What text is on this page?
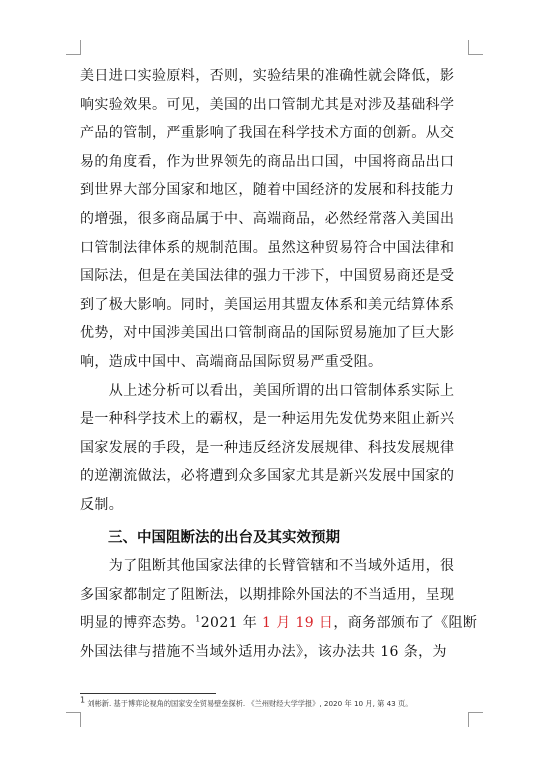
美日进口实验原料，否则，实验结果的准确性就会降低，影
响实验效果。可见，美国的出口管制尤其是对涉及基础科学
产品的管制，严重影响了我国在科学技术方面的创新。从交
易的角度看，作为世界领先的商品出口国，中国将商品出口
到世界大部分国家和地区，随着中国经济的发展和科技能力
的增强，很多商品属于中、高端商品，必然经常落入美国出
口管制法律体系的规制范围。虽然这种贸易符合中国法律和
国际法，但是在美国法律的强力干涉下，中国贸易商还是受
到了极大影响。同时，美国运用其盟友体系和美元结算体系
优势，对中国涉美国出口管制商品的国际贸易施加了巨大影
响，造成中国中、高端商品国际贸易严重受阻。

　　从上述分析可以看出，美国所谓的出口管制体系实际上
是一种科学技术上的霸权，是一种运用先发优势来阻止新兴
国家发展的手段，是一种违反经济发展规律、科技发展规律
的逆潮流做法，必将遭到众多国家尤其是新兴发展中国家的
反制。

三、中国阻断法的出台及其实效预期

　　为了阻断其他国家法律的长臂管辖和不当域外适用，很
多国家都制定了阻断法，以期排除外国法的不当适用，呈现
明显的博弈态势。$^1$2021 年 1 月 19 日，商务部颁布了《阻断
外国法律与措施不当域外适用办法》，该办法共 16 条，为

$^1$ 刘彬新. 基于博弈论视角的国家安全贸易壁垒探析. 《兰州财经大学学报》, 2020 年 10 月, 第 43 页。
